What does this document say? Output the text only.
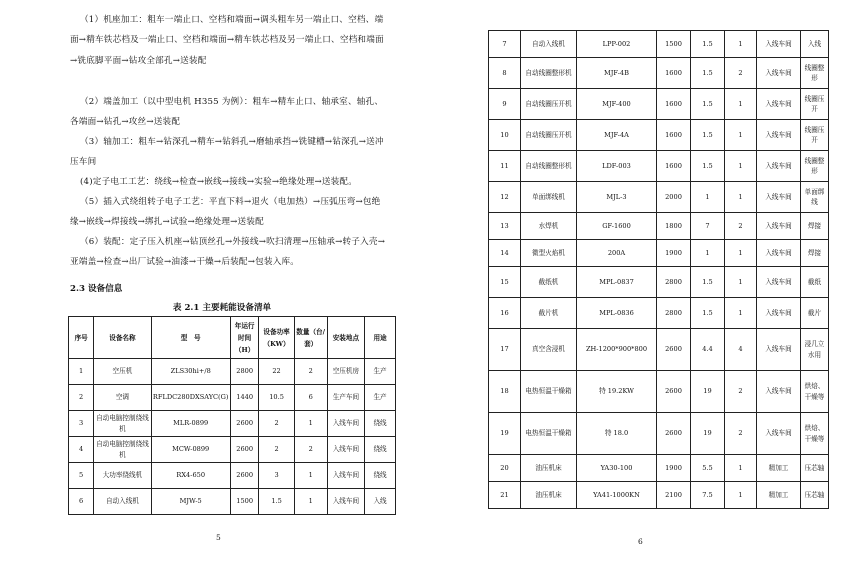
（1）机座加工：粗车一端止口、空档和端面→调头粗车另一端止口、空档、端面→精车铁芯档及一端止口、空档和端面→精车铁芯档及另一端止口、空档和端面→铣底脚平面→钻攻全部孔→送装配

（2）端盖加工（以中型电机 H355 为例）：粗车→精车止口、轴承室、轴孔、各端面→钻孔→攻丝→送装配

（3）轴加工：粗车→钻深孔→精车→钻斜孔→磨轴承挡→铣键槽→钻深孔→送冲压车间

(4)定子电工工艺：绕线→检查→嵌线→接线→实验→绝缘处理→送装配。

（5）插入式绕组转子电子工艺：平直下料→退火（电加热）→压弧压弯→包绝缘→嵌线→焊接线→绑扎→试验→绝缘处理→送装配

（6）装配：定子压入机座→钻顶丝孔→外接线→吹扫清理→压轴承→转子入壳→亚端盖→检查→出厂试验→油漆→干燥→后装配→包装入库。

2.3 设备信息

表 2.1 主要耗能设备清单
序号	设备名称	型　号	年运行时间（H）	设备功率（KW）	数量（台/套）	安装地点	用途
1	空压机	ZLS30hi+/8	2800	22	2	空压机房	生产
2	空调	RFLDC280DXSAYC(G)	1440	10.5	6	生产车间	生产
3	自动电脑控制绕线机	MLR-0899	2600	2	1	入线车间	绕线
4	自动电脑控制绕线机	MCW-0899	2600	2	2	入线车间	绕线
5	大功率绕线机	RX4-650	2600	3	1	入线车间	绕线
6	自动入线机	MJW-5	1500	1.5	1	入线车间	入线
5
7	自动入线机	LPP-002	1500	1.5	1	入线车间	入线
8	自动线圈整形机	MJF-4B	1600	1.5	2	入线车间	线圈整形
9	自动线圈压开机	MJF-400	1600	1.5	1	入线车间	线圈压开
10	自动线圈压开机	MJF-4A	1600	1.5	1	入线车间	线圈压开
11	自动线圈整形机	LDF-003	1600	1.5	1	入线车间	线圈整形
12	单面绑线机	MJL-3	2000	1	1	入线车间	单面绑线
13	水焊机	GF-1600	1800	7	2	入线车间	焊接
14	微型火焰机	200A	1900	1	1	入线车间	焊接
15	截纸机	MPL-0837	2800	1.5	1	入线车间	截纸
16	截片机	MPL-0836	2800	1.5	1	入线车间	截片
17	真空含浸机	ZH-1200*900*800	2600	4.4	4	入线车间	浸几立水用
18	电热恒温干燥箱	特 19.2KW	2600	19	2	入线车间	烘焙、干燥等
19	电热恒温干燥箱	特 18.0	2600	19	2	入线车间	烘焙、干燥等
20	油压机床	YA30-100	1900	5.5	1	精加工	压芯轴
21	油压机床	YA41-1000KN	2100	7.5	1	精加工	压芯轴
6
